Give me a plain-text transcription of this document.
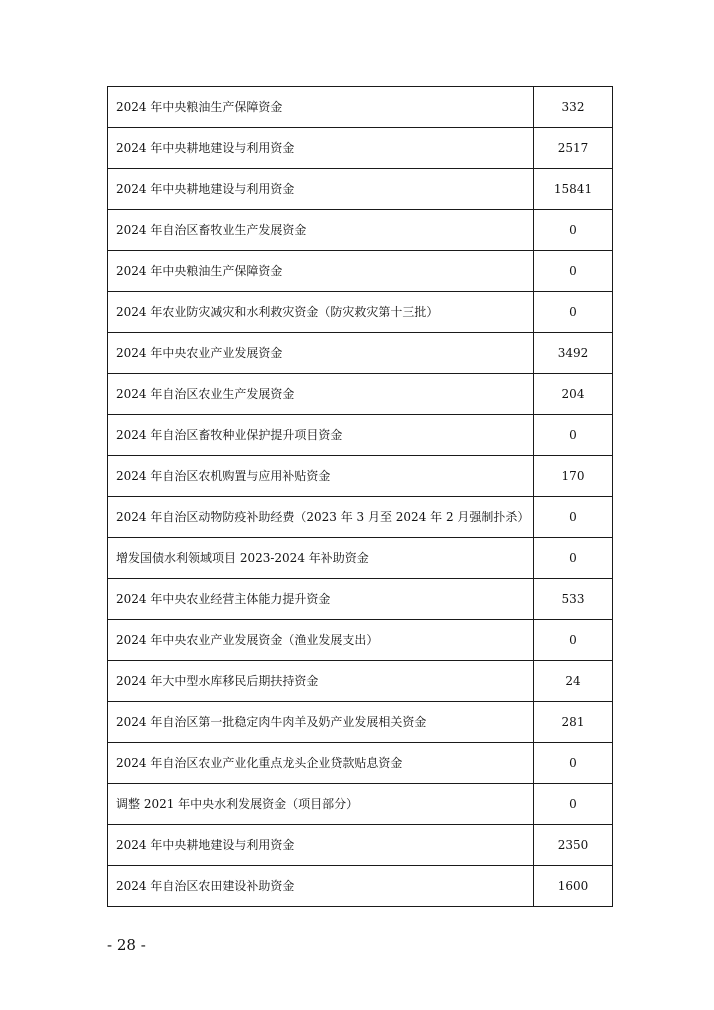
2024 年中央粮油生产保障资金	332
2024 年中央耕地建设与利用资金	2517
2024 年中央耕地建设与利用资金	15841
2024 年自治区畜牧业生产发展资金	0
2024 年中央粮油生产保障资金	0
2024 年农业防灾减灾和水利救灾资金（防灾救灾第十三批）	0
2024 年中央农业产业发展资金	3492
2024 年自治区农业生产发展资金	204
2024 年自治区畜牧种业保护提升项目资金	0
2024 年自治区农机购置与应用补贴资金	170
2024 年自治区动物防疫补助经费（2023 年 3 月至 2024 年 2 月强制扑杀）	0
增发国债水利领域项目 2023-2024 年补助资金	0
2024 年中央农业经营主体能力提升资金	533
2024 年中央农业产业发展资金（渔业发展支出）	0
2024 年大中型水库移民后期扶持资金	24
2024 年自治区第一批稳定肉牛肉羊及奶产业发展相关资金	281
2024 年自治区农业产业化重点龙头企业贷款贴息资金	0
调整 2021 年中央水利发展资金（项目部分）	0
2024 年中央耕地建设与利用资金	2350
2024 年自治区农田建设补助资金	1600
- 28 -
